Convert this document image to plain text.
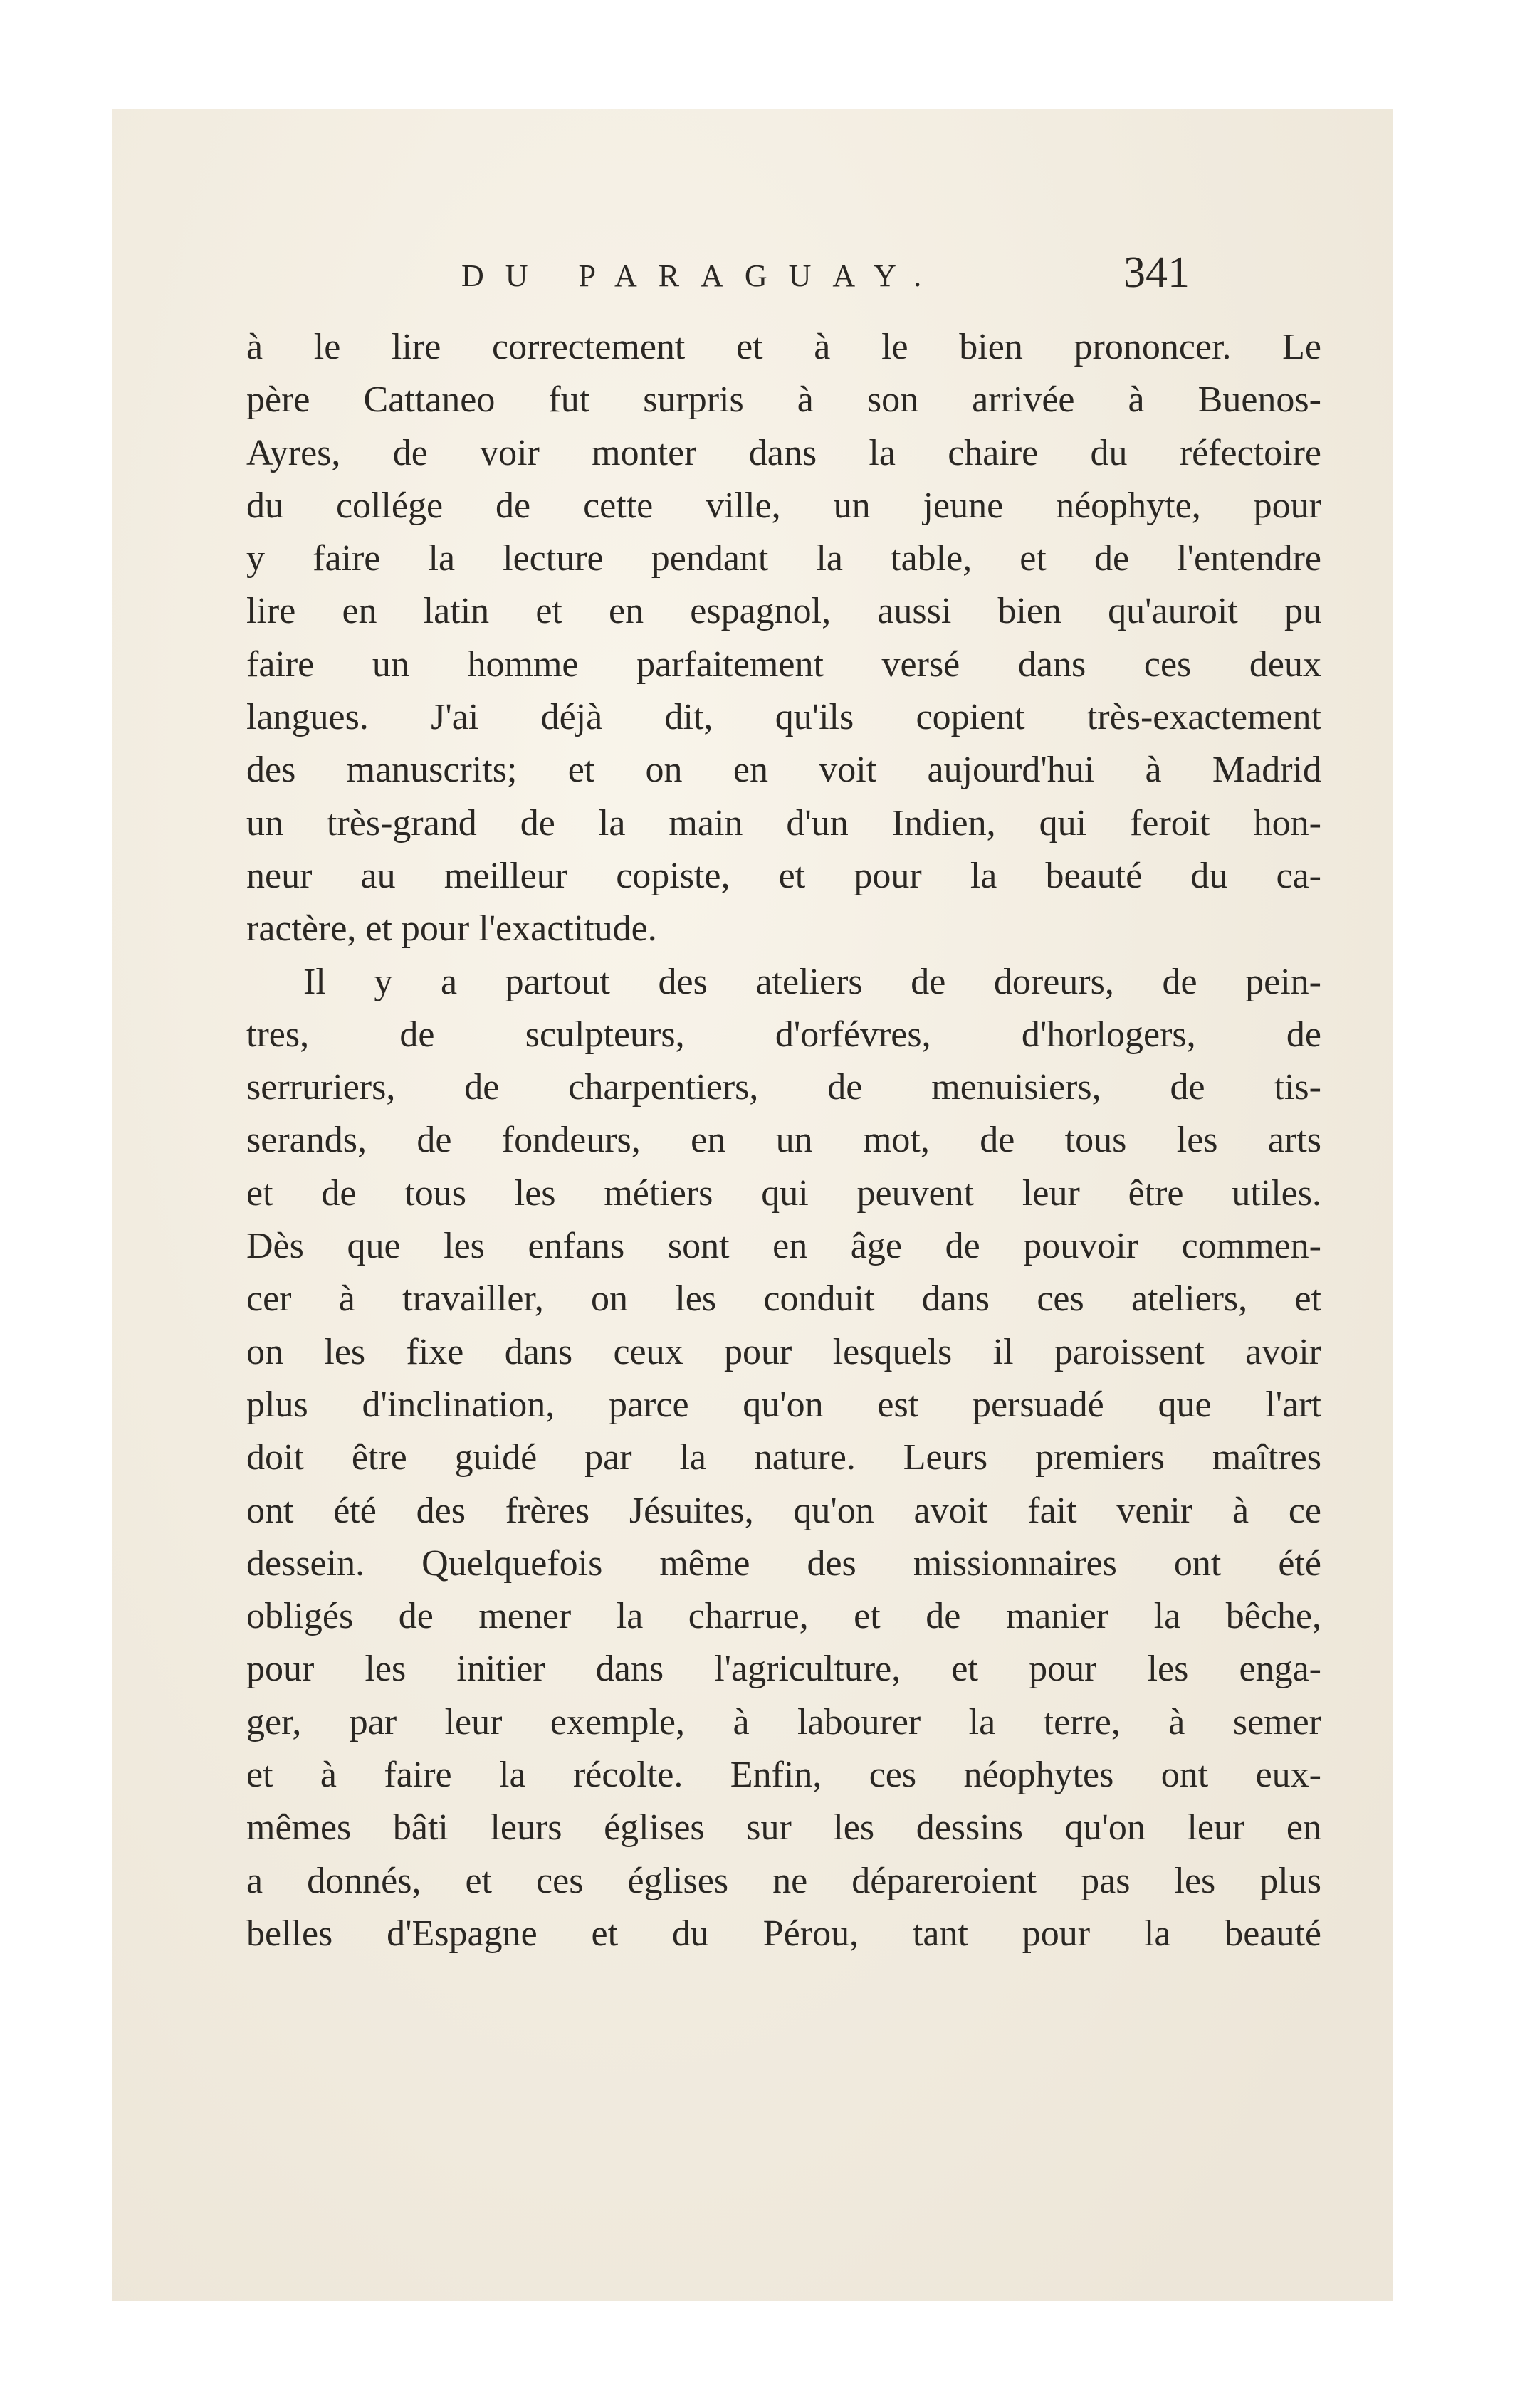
DU PARAGUAY.	341
à le lire correctement et à le bien prononcer. Le
père Cattaneo fut surpris à son arrivée à Buenos-
Ayres, de voir monter dans la chaire du réfectoire
du collége de cette ville, un jeune néophyte, pour
y faire la lecture pendant la table, et de l'entendre
lire en latin et en espagnol, aussi bien qu'auroit pu
faire un homme parfaitement versé dans ces deux
langues. J'ai déjà dit, qu'ils copient très-exactement
des manuscrits; et on en voit aujourd'hui à Madrid
un très-grand de la main d'un Indien, qui feroit hon-
neur au meilleur copiste, et pour la beauté du ca-
ractère, et pour l'exactitude.
Il y a partout des ateliers de doreurs, de pein-
tres, de sculpteurs, d'orfévres, d'horlogers, de
serruriers, de charpentiers, de menuisiers, de tis-
serands, de fondeurs, en un mot, de tous les arts
et de tous les métiers qui peuvent leur être utiles.
Dès que les enfans sont en âge de pouvoir commen-
cer à travailler, on les conduit dans ces ateliers, et
on les fixe dans ceux pour lesquels il paroissent avoir
plus d'inclination, parce qu'on est persuadé que l'art
doit être guidé par la nature. Leurs premiers maîtres
ont été des frères Jésuites, qu'on avoit fait venir à ce
dessein. Quelquefois même des missionnaires ont été
obligés de mener la charrue, et de manier la bêche,
pour les initier dans l'agriculture, et pour les enga-
ger, par leur exemple, à labourer la terre, à semer
et à faire la récolte. Enfin, ces néophytes ont eux-
mêmes bâti leurs églises sur les dessins qu'on leur en
a donnés, et ces églises ne dépareroient pas les plus
belles d'Espagne et du Pérou, tant pour la beauté
